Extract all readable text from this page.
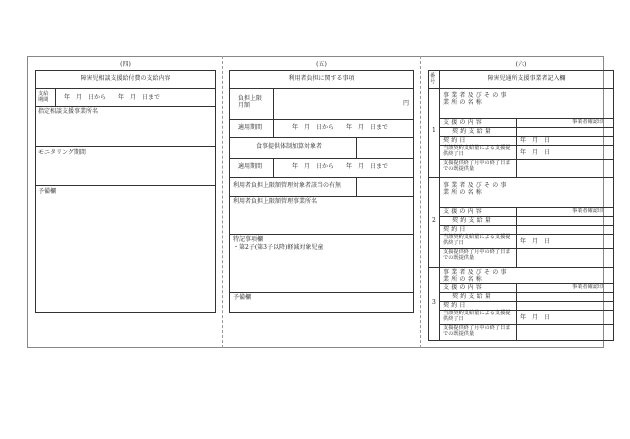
(四)
障害児相談支援給付費の支給内容
支給期間	年　月　日から　　年　月　日まで
指定相談支援事業所名
モニタリング期間
予備欄
(五)
利用者負担に関する事項
負担上限月額	円
適用期間	年　月　日から　　年　月　日まで
食事提供体制加算対象者
適用期間	年　月　日から　　年　月　日まで
利用者負担上限額管理対象者該当の有無
利用者負担上限額管理事業所名
特記事項欄
・第2子(第3子以降)軽減対象児童
予備欄
(六)
番号	障害児通所支援事業者記入欄
1
事業者及びその事業所の名称
支援の内容	事業者確認印
契約支給量
契約日	年　月　日
当該契約支給量による支援提供終了日	年　月　日
支援提供終了月中の終了日までの既提供量
2
事業者及びその事業所の名称
支援の内容	事業者確認印
契約支給量
契約日
当該契約支給量による支援提供終了日	年　月　日
支援提供終了月中の終了日までの既提供量
3
事業者及びその事業所の名称
支援の内容	事業者確認印
契約支給量
契約日
当該契約支給量による支援提供終了日	年　月　日
支援提供終了月中の終了日までの既提供量
